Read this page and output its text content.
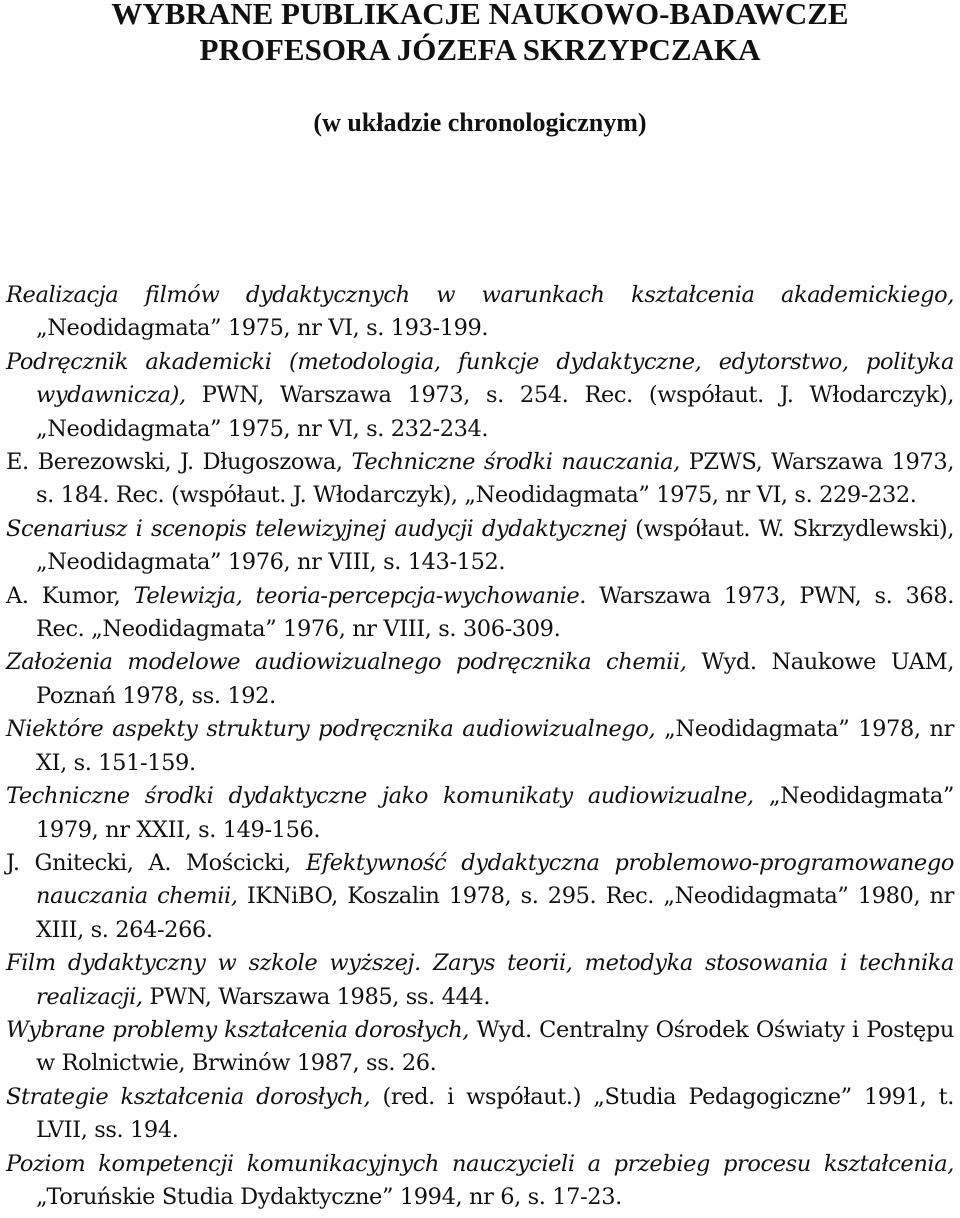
WYBRANE PUBLIKACJE NAUKOWO-BADAWCZE
PROFESORA JÓZEFA SKRZYPCZAKA
(w układzie chronologicznym)
Realizacja filmów dydaktycznych w warunkach kształcenia akademickiego, „Neodidagmata” 1975, nr VI, s. 193-199.
Podręcznik akademicki (metodologia, funkcje dydaktyczne, edytorstwo, polityka wydawnicza), PWN, Warszawa 1973, s. 254. Rec. (współaut. J. Włodarczyk), „Neodidagmata” 1975, nr VI, s. 232-234.
E. Berezowski, J. Długoszowa, Techniczne środki nauczania, PZWS, Warszawa 1973, s. 184. Rec. (współaut. J. Włodarczyk), „Neodidagmata” 1975, nr VI, s. 229-232.
Scenariusz i scenopis telewizyjnej audycji dydaktycznej (współaut. W. Skrzydlewski), „Neodidagmata” 1976, nr VIII, s. 143-152.
A. Kumor, Telewizja, teoria-percepcja-wychowanie. Warszawa 1973, PWN, s. 368. Rec. „Neodidagmata” 1976, nr VIII, s. 306-309.
Założenia modelowe audiowizualnego podręcznika chemii, Wyd. Naukowe UAM, Poznań 1978, ss. 192.
Niektóre aspekty struktury podręcznika audiowizualnego, „Neodidagmata” 1978, nr XI, s. 151-159.
Techniczne środki dydaktyczne jako komunikaty audiowizualne, „Neodidagmata” 1979, nr XXII, s. 149-156.
J. Gnitecki, A. Mościcki, Efektywność dydaktyczna problemowo-programowanego nauczania chemii, IKNiBO, Koszalin 1978, s. 295. Rec. „Neodidagmata” 1980, nr XIII, s. 264-266.
Film dydaktyczny w szkole wyższej. Zarys teorii, metodyka stosowania i technika realizacji, PWN, Warszawa 1985, ss. 444.
Wybrane problemy kształcenia dorosłych, Wyd. Centralny Ośrodek Oświaty i Postępu w Rolnictwie, Brwinów 1987, ss. 26.
Strategie kształcenia dorosłych, (red. i współaut.) „Studia Pedagogiczne” 1991, t. LVII, ss. 194.
Poziom kompetencji komunikacyjnych nauczycieli a przebieg procesu kształcenia, „Toruńskie Studia Dydaktyczne” 1994, nr 6, s. 17-23.
